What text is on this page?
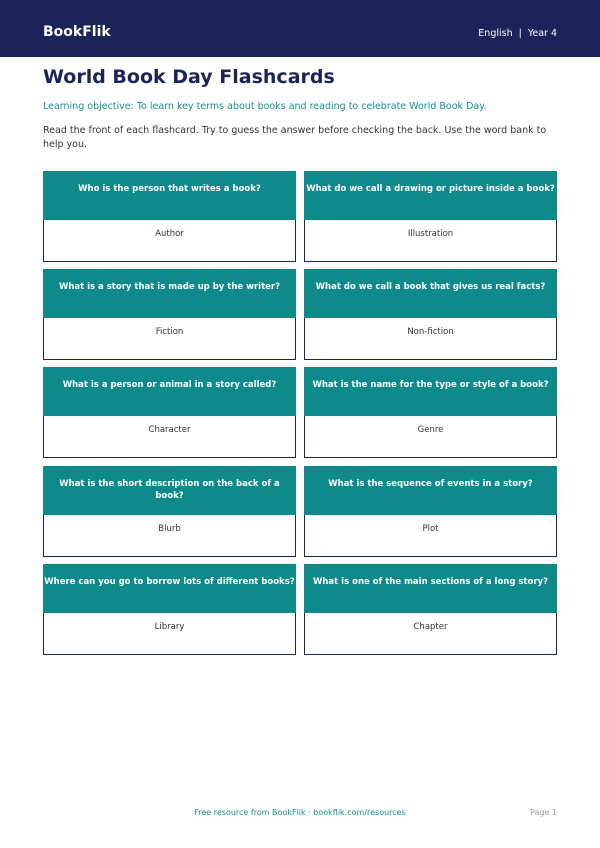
BookFlik	English | Year 4
World Book Day Flashcards
Learning objective: To learn key terms about books and reading to celebrate World Book Day.
Read the front of each flashcard. Try to guess the answer before checking the back. Use the word bank to help you.
Who is the person that writes a book?
Author
What do we call a drawing or picture inside a book?
Illustration
What is a story that is made up by the writer?
Fiction
What do we call a book that gives us real facts?
Non-fiction
What is a person or animal in a story called?
Character
What is the name for the type or style of a book?
Genre
What is the short description on the back of a book?
Blurb
What is the sequence of events in a story?
Plot
Where can you go to borrow lots of different books?
Library
What is one of the main sections of a long story?
Chapter
Free resource from BookFlik · bookflik.com/resources	Page 1
